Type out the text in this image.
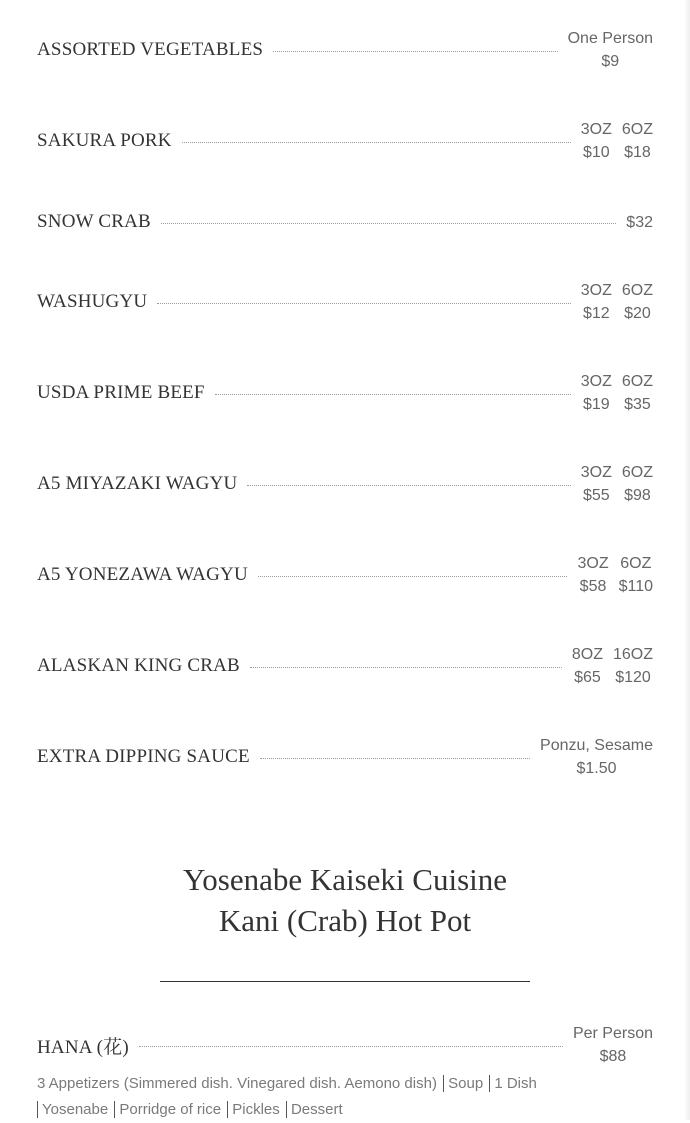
ASSORTED VEGETABLES
One Person
$9
SAKURA PORK
3OZ
$10
6OZ
$18
SNOW CRAB	$32
WASHUGYU
3OZ
$12
6OZ
$20
USDA PRIME BEEF
3OZ
$19
6OZ
$35
A5 MIYAZAKI WAGYU
3OZ
$55
6OZ
$98
A5 YONEZAWA WAGYU
3OZ
$58
6OZ
$110
ALASKAN KING CRAB
8OZ
$65
16OZ
$120
EXTRA DIPPING SAUCE
Ponzu, Sesame
$1.50
Yosenabe Kaiseki Cuisine
Kani (Crab) Hot Pot
HANA (花)
Per Person
$88
3 Appetizers (Simmered dish. Vinegared dish. Aemono dish) Soup 1 Dish
Yosenabe Porridge of rice Pickles Dessert
